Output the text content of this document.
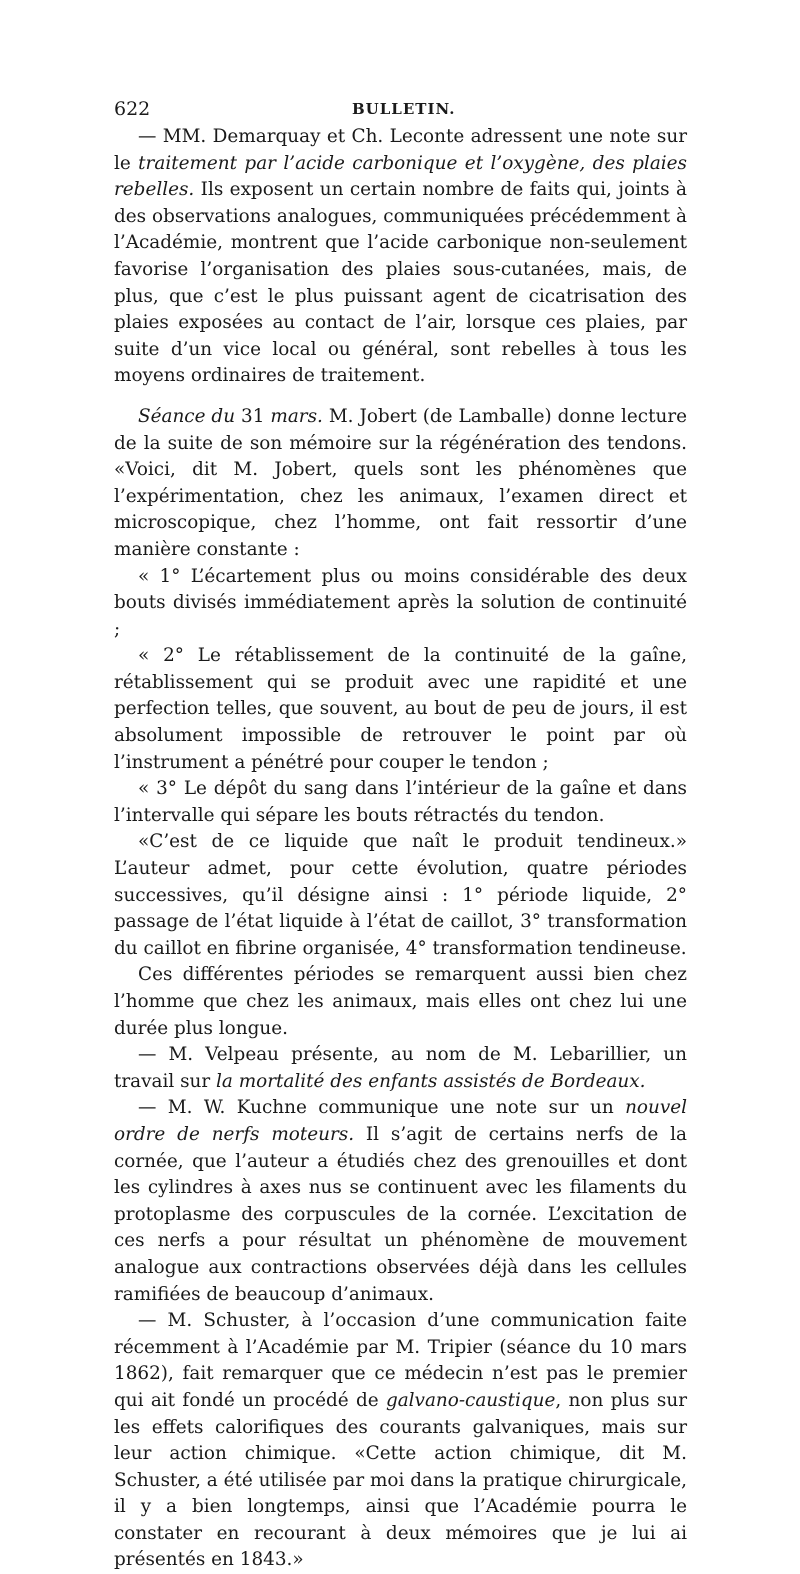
622	BULLETIN.

— MM. Demarquay et Ch. Leconte adressent une note sur le traitement par l’acide carbonique et l’oxygène, des plaies rebelles. Ils exposent un certain nombre de faits qui, joints à des observations analogues, communiquées précédemment à l’Académie, montrent que l’acide carbonique non-seulement favorise l’organisation des plaies sous-cutanées, mais, de plus, que c’est le plus puissant agent de cicatrisation des plaies exposées au contact de l’air, lorsque ces plaies, par suite d’un vice local ou général, sont rebelles à tous les moyens ordinaires de traitement.

Séance du 31 mars. M. Jobert (de Lamballe) donne lecture de la suite de son mémoire sur la régénération des tendons. «Voici, dit M. Jobert, quels sont les phénomènes que l’expérimentation, chez les animaux, l’examen direct et microscopique, chez l’homme, ont fait ressortir d’une manière constante :

« 1° L’écartement plus ou moins considérable des deux bouts divisés immédiatement après la solution de continuité ;

« 2° Le rétablissement de la continuité de la gaîne, rétablissement qui se produit avec une rapidité et une perfection telles, que souvent, au bout de peu de jours, il est absolument impossible de retrouver le point par où l’instrument a pénétré pour couper le tendon ;

« 3° Le dépôt du sang dans l’intérieur de la gaîne et dans l’intervalle qui sépare les bouts rétractés du tendon.

«C’est de ce liquide que naît le produit tendineux.» L’auteur admet, pour cette évolution, quatre périodes successives, qu’il désigne ainsi : 1° période liquide, 2° passage de l’état liquide à l’état de caillot, 3° transformation du caillot en fibrine organisée, 4° transformation tendineuse.

Ces différentes périodes se remarquent aussi bien chez l’homme que chez les animaux, mais elles ont chez lui une durée plus longue.

— M. Velpeau présente, au nom de M. Lebarillier, un travail sur la mortalité des enfants assistés de Bordeaux.

— M. W. Kuchne communique une note sur un nouvel ordre de nerfs moteurs. Il s’agit de certains nerfs de la cornée, que l’auteur a étudiés chez des grenouilles et dont les cylindres à axes nus se continuent avec les filaments du protoplasme des corpuscules de la cornée. L’excitation de ces nerfs a pour résultat un phénomène de mouvement analogue aux contractions observées déjà dans les cellules ramifiées de beaucoup d’animaux.

— M. Schuster, à l’occasion d’une communication faite récemment à l’Académie par M. Tripier (séance du 10 mars 1862), fait remarquer que ce médecin n’est pas le premier qui ait fondé un procédé de galvano-caustique, non plus sur les effets calorifiques des courants galvaniques, mais sur leur action chimique. «Cette action chimique, dit M. Schuster, a été utilisée par moi dans la pratique chirurgicale, il y a bien longtemps, ainsi que l’Académie pourra le constater en recourant à deux mémoires que je lui ai présentés en 1843.»
